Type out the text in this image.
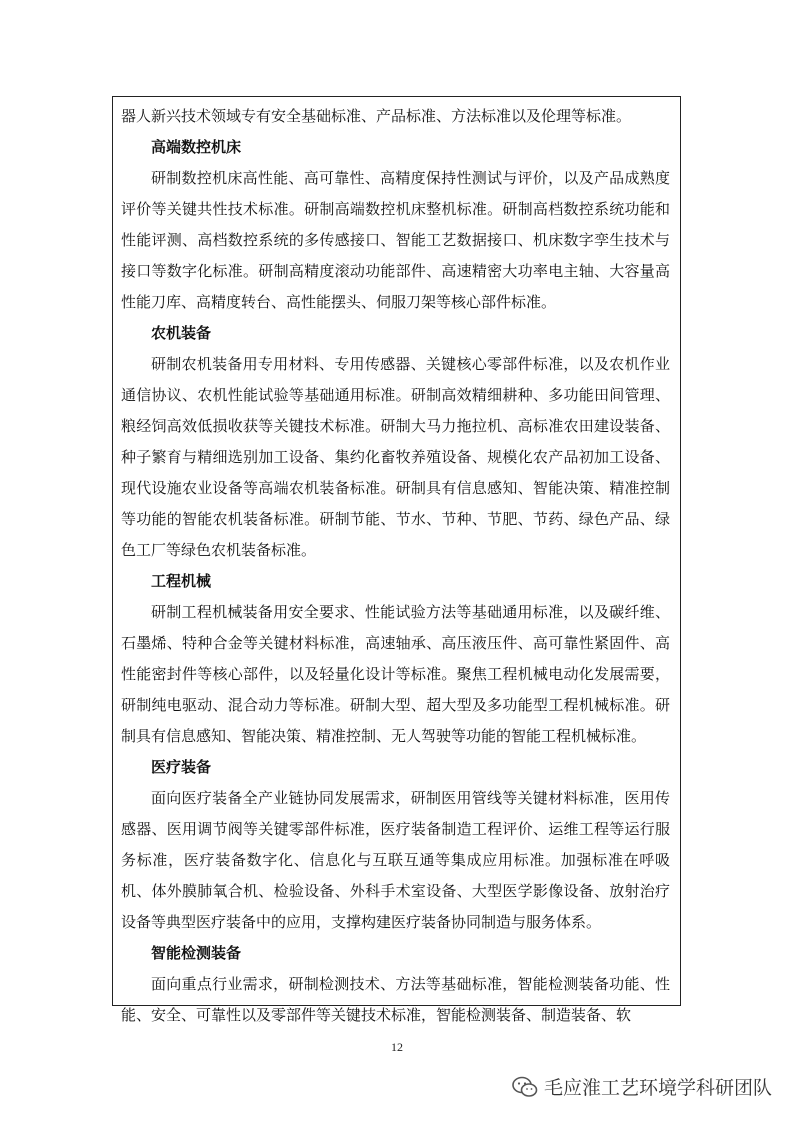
器人新兴技术领域专有安全基础标准、产品标准、方法标准以及伦理等标准。

高端数控机床

研制数控机床高性能、高可靠性、高精度保持性测试与评价，以及产品成熟度评价等关键共性技术标准。研制高端数控机床整机标准。研制高档数控系统功能和性能评测、高档数控系统的多传感接口、智能工艺数据接口、机床数字孪生技术与接口等数字化标准。研制高精度滚动功能部件、高速精密大功率电主轴、大容量高性能刀库、高精度转台、高性能摆头、伺服刀架等核心部件标准。

农机装备

研制农机装备用专用材料、专用传感器、关键核心零部件标准，以及农机作业通信协议、农机性能试验等基础通用标准。研制高效精细耕种、多功能田间管理、粮经饲高效低损收获等关键技术标准。研制大马力拖拉机、高标准农田建设装备、种子繁育与精细选别加工设备、集约化畜牧养殖设备、规模化农产品初加工设备、现代设施农业设备等高端农机装备标准。研制具有信息感知、智能决策、精准控制等功能的智能农机装备标准。研制节能、节水、节种、节肥、节药、绿色产品、绿色工厂等绿色农机装备标准。

工程机械

研制工程机械装备用安全要求、性能试验方法等基础通用标准，以及碳纤维、石墨烯、特种合金等关键材料标准，高速轴承、高压液压件、高可靠性紧固件、高性能密封件等核心部件，以及轻量化设计等标准。聚焦工程机械电动化发展需要，研制纯电驱动、混合动力等标准。研制大型、超大型及多功能型工程机械标准。研制具有信息感知、智能决策、精准控制、无人驾驶等功能的智能工程机械标准。

医疗装备

面向医疗装备全产业链协同发展需求，研制医用管线等关键材料标准，医用传感器、医用调节阀等关键零部件标准，医疗装备制造工程评价、运维工程等运行服务标准，医疗装备数字化、信息化与互联互通等集成应用标准。加强标准在呼吸机、体外膜肺氧合机、检验设备、外科手术室设备、大型医学影像设备、放射治疗设备等典型医疗装备中的应用，支撑构建医疗装备协同制造与服务体系。

智能检测装备

面向重点行业需求，研制检测技术、方法等基础标准，智能检测装备功能、性能、安全、可靠性以及零部件等关键技术标准，智能检测装备、制造装备、软

12
毛应淮工艺环境学科研团队
